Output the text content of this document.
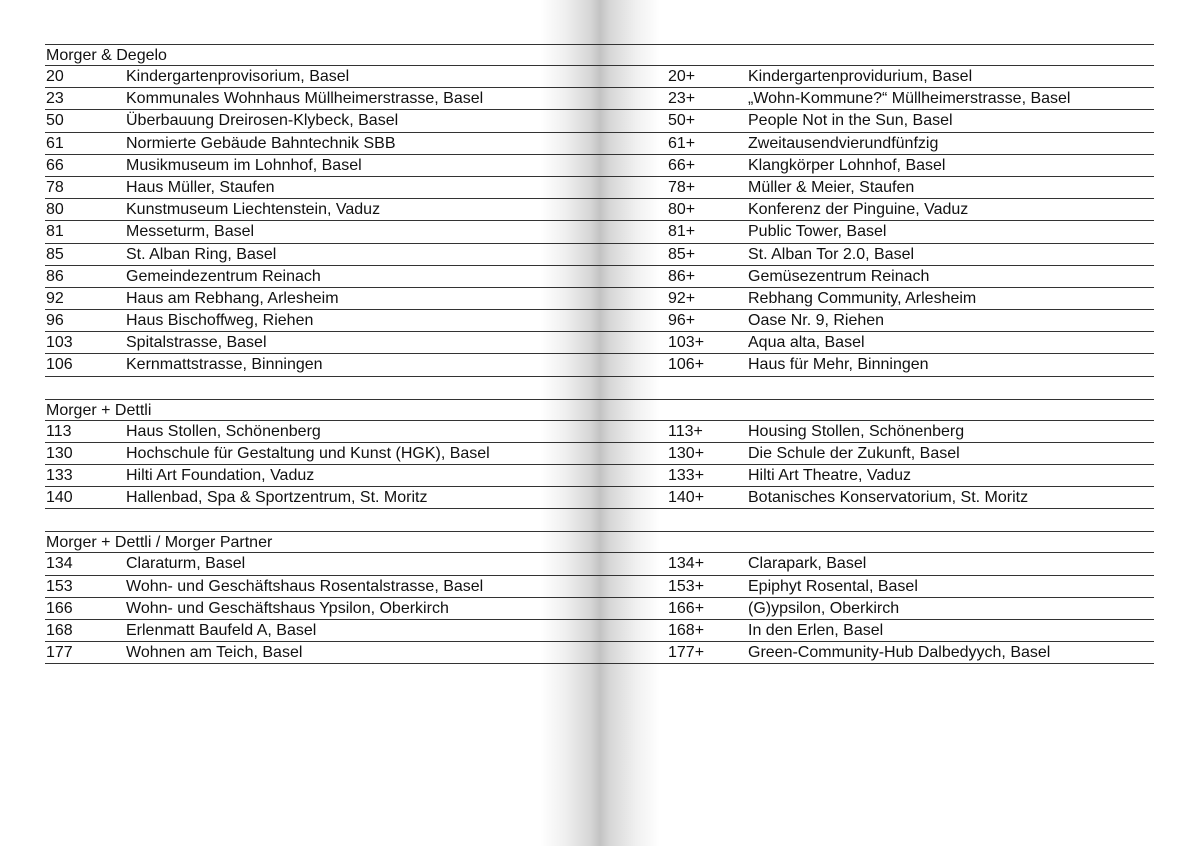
Morger & Degelo
20	Kindergartenprovisorium, Basel	20+	Kindergartenprovidurium, Basel
23	Kommunales Wohnhaus Müllheimerstrasse, Basel	23+	„Wohn-Kommune?“ Müllheimerstrasse, Basel
50	Überbauung Dreirosen-Klybeck, Basel	50+	People Not in the Sun, Basel
61	Normierte Gebäude Bahntechnik SBB	61+	Zweitausendvierundfünfzig
66	Musikmuseum im Lohnhof, Basel	66+	Klangkörper Lohnhof, Basel
78	Haus Müller, Staufen	78+	Müller & Meier, Staufen
80	Kunstmuseum Liechtenstein, Vaduz	80+	Konferenz der Pinguine, Vaduz
81	Messeturm, Basel	81+	Public Tower, Basel
85	St. Alban Ring, Basel	85+	St. Alban Tor 2.0, Basel
86	Gemeindezentrum Reinach	86+	Gemüsezentrum Reinach
92	Haus am Rebhang, Arlesheim	92+	Rebhang Community, Arlesheim
96	Haus Bischoffweg, Riehen	96+	Oase Nr. 9, Riehen
103	Spitalstrasse, Basel	103+	Aqua alta, Basel
106	Kernmattstrasse, Binningen	106+	Haus für Mehr, Binningen
Morger + Dettli
113	Haus Stollen, Schönenberg	113+	Housing Stollen, Schönenberg
130	Hochschule für Gestaltung und Kunst (HGK), Basel	130+	Die Schule der Zukunft, Basel
133	Hilti Art Foundation, Vaduz	133+	Hilti Art Theatre, Vaduz
140	Hallenbad, Spa & Sportzentrum, St. Moritz	140+	Botanisches Konservatorium, St. Moritz
Morger + Dettli / Morger Partner
134	Claraturm, Basel	134+	Clarapark, Basel
153	Wohn- und Geschäftshaus Rosentalstrasse, Basel	153+	Epiphyt Rosental, Basel
166	Wohn- und Geschäftshaus Ypsilon, Oberkirch	166+	(G)ypsilon, Oberkirch
168	Erlenmatt Baufeld A, Basel	168+	In den Erlen, Basel
177	Wohnen am Teich, Basel	177+	Green-Community-Hub Dalbedyych, Basel
